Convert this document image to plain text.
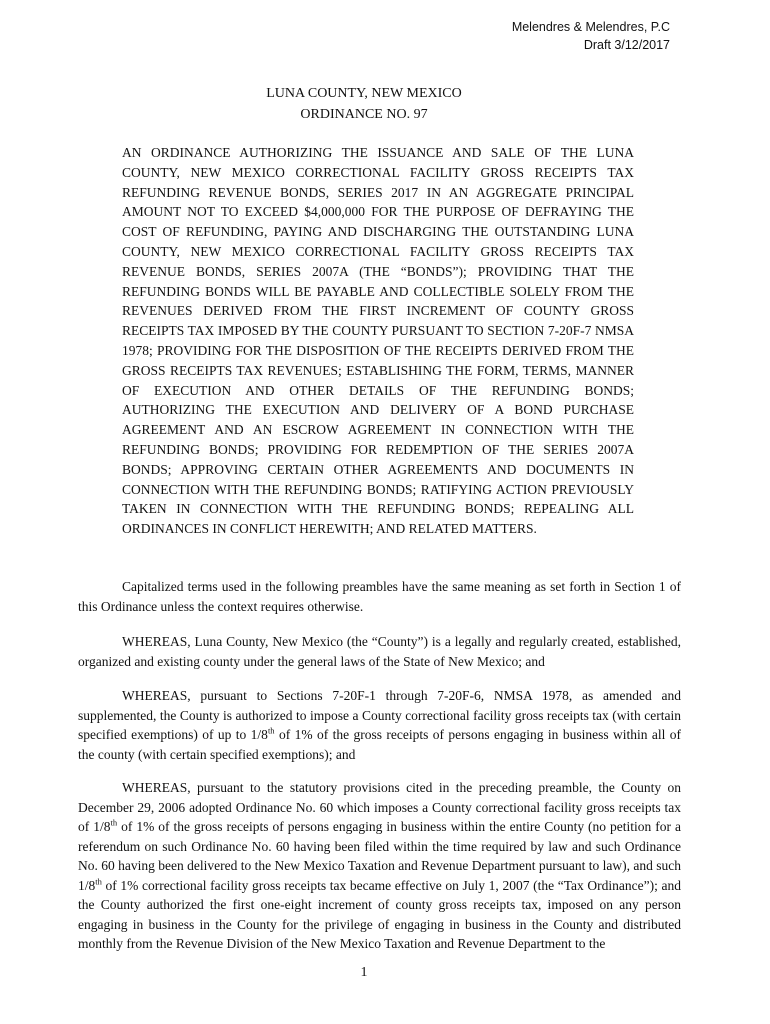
Melendres & Melendres, P.C
Draft 3/12/2017
LUNA COUNTY, NEW MEXICO
ORDINANCE NO. 97
AN ORDINANCE AUTHORIZING THE ISSUANCE AND SALE OF THE LUNA COUNTY, NEW MEXICO CORRECTIONAL FACILITY GROSS RECEIPTS TAX REFUNDING REVENUE BONDS, SERIES 2017 IN AN AGGREGATE PRINCIPAL AMOUNT NOT TO EXCEED $4,000,000 FOR THE PURPOSE OF DEFRAYING THE COST OF REFUNDING, PAYING AND DISCHARGING THE OUTSTANDING LUNA COUNTY, NEW MEXICO CORRECTIONAL FACILITY GROSS RECEIPTS TAX REVENUE BONDS, SERIES 2007A (THE “BONDS”); PROVIDING THAT THE REFUNDING BONDS WILL BE PAYABLE AND COLLECTIBLE SOLELY FROM THE REVENUES DERIVED FROM THE FIRST INCREMENT OF COUNTY GROSS RECEIPTS TAX IMPOSED BY THE COUNTY PURSUANT TO SECTION 7-20F-7 NMSA 1978; PROVIDING FOR THE DISPOSITION OF THE RECEIPTS DERIVED FROM THE GROSS RECEIPTS TAX REVENUES; ESTABLISHING THE FORM, TERMS, MANNER OF EXECUTION AND OTHER DETAILS OF THE REFUNDING BONDS; AUTHORIZING THE EXECUTION AND DELIVERY OF A BOND PURCHASE AGREEMENT AND AN ESCROW AGREEMENT IN CONNECTION WITH THE REFUNDING BONDS; PROVIDING FOR REDEMPTION OF THE SERIES 2007A BONDS; APPROVING CERTAIN OTHER AGREEMENTS AND DOCUMENTS IN CONNECTION WITH THE REFUNDING BONDS; RATIFYING ACTION PREVIOUSLY TAKEN IN CONNECTION WITH THE REFUNDING BONDS; REPEALING ALL ORDINANCES IN CONFLICT HEREWITH; AND RELATED MATTERS.
Capitalized terms used in the following preambles have the same meaning as set forth in Section 1 of this Ordinance unless the context requires otherwise.
WHEREAS, Luna County, New Mexico (the “County”) is a legally and regularly created, established, organized and existing county under the general laws of the State of New Mexico; and
WHEREAS, pursuant to Sections 7-20F-1 through 7-20F-6, NMSA 1978, as amended and supplemented, the County is authorized to impose a County correctional facility gross receipts tax (with certain specified exemptions) of up to 1/8th of 1% of the gross receipts of persons engaging in business within all of the county (with certain specified exemptions); and
WHEREAS, pursuant to the statutory provisions cited in the preceding preamble, the County on December 29, 2006 adopted Ordinance No. 60 which imposes a County correctional facility gross receipts tax of 1/8th of 1% of the gross receipts of persons engaging in business within the entire County (no petition for a referendum on such Ordinance No. 60 having been filed within the time required by law and such Ordinance No. 60 having been delivered to the New Mexico Taxation and Revenue Department pursuant to law), and such 1/8th of 1% correctional facility gross receipts tax became effective on July 1, 2007 (the “Tax Ordinance”); and the County authorized the first one-eight increment of county gross receipts tax, imposed on any person engaging in business in the County for the privilege of engaging in business in the County and distributed monthly from the Revenue Division of the New Mexico Taxation and Revenue Department to the
1
